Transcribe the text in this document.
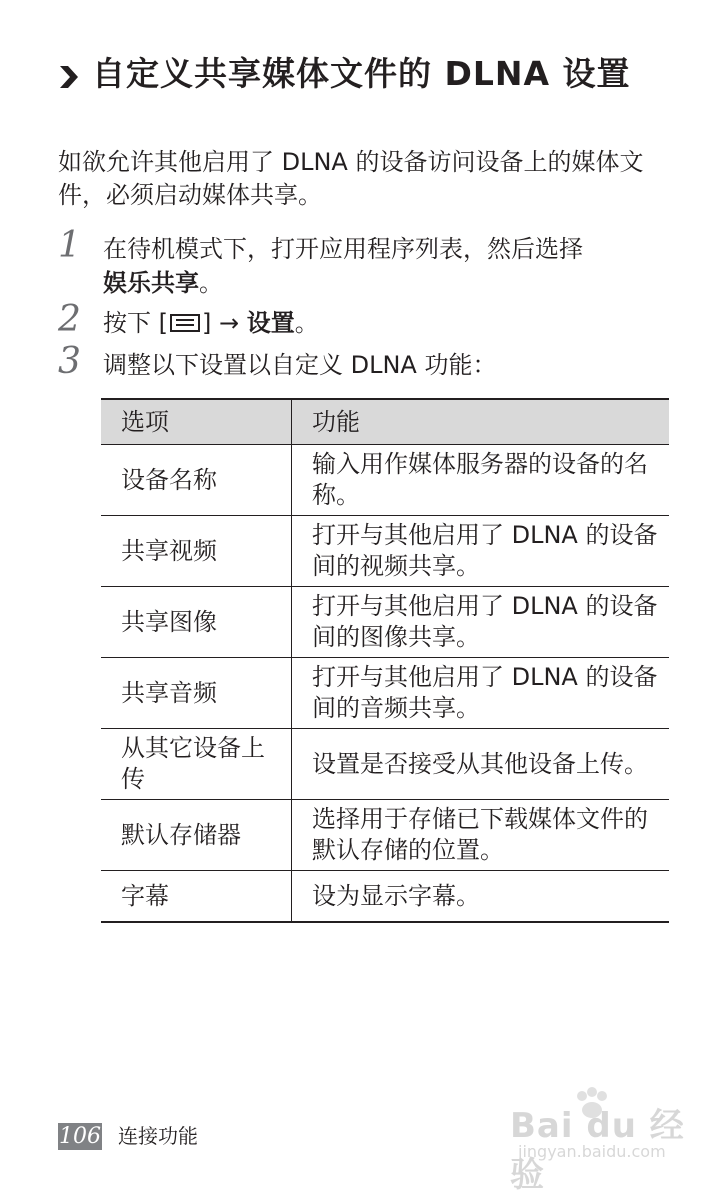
自定义共享媒体文件的 DLNA 设置

如欲允许其他启用了 DLNA 的设备访问设备上的媒体文件，必须启动媒体共享。

1 在待机模式下，打开应用程序列表，然后选择
娱乐共享。
2 按下 [ ] → 设置。
3 调整以下设置以自定义 DLNA 功能：
选项	功能
设备名称	输入用作媒体服务器的设备的名称。
共享视频	打开与其他启用了 DLNA 的设备间的视频共享。
共享图像	打开与其他启用了 DLNA 的设备间的图像共享。
共享音频	打开与其他启用了 DLNA 的设备间的音频共享。
从其它设备上传	设置是否接受从其他设备上传。
默认存储器	选择用于存储已下载媒体文件的默认存储的位置。
字幕	设为显示字幕。
106 连接功能	Bai du 经验
jingyan.baidu.com
